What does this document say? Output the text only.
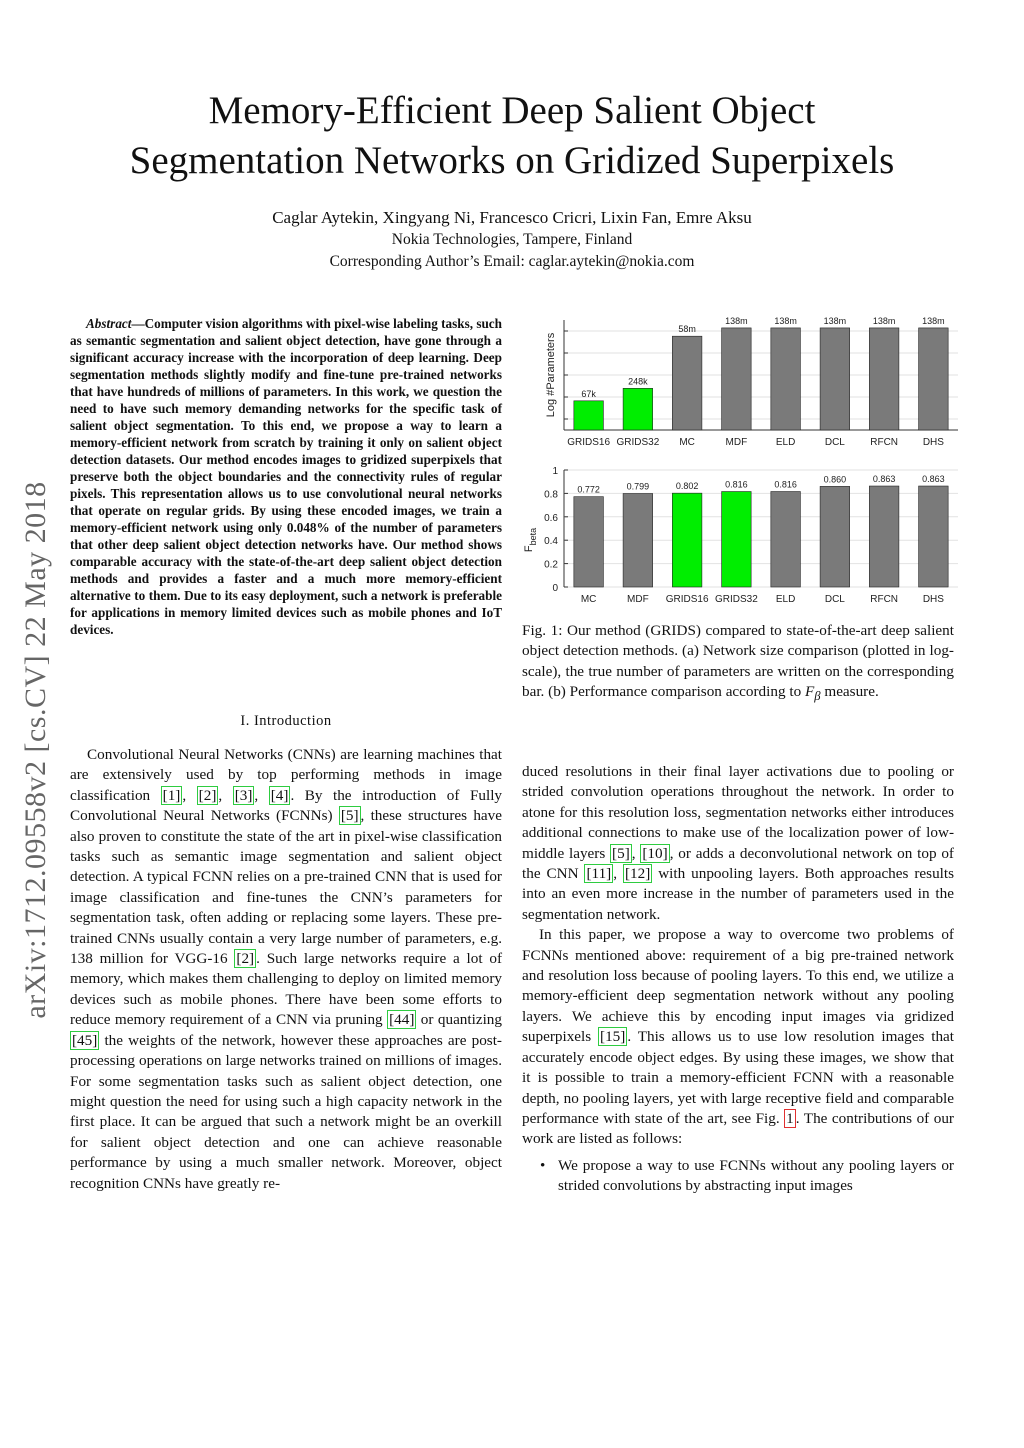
Memory-Efficient Deep Salient Object
Segmentation Networks on Gridized Superpixels
Caglar Aytekin, Xingyang Ni, Francesco Cricri, Lixin Fan, Emre Aksu
Nokia Technologies, Tampere, Finland
Corresponding Author’s Email: caglar.aytekin@nokia.com
arXiv:1712.09558v2 [cs.CV] 22 May 2018
Abstract—Computer vision algorithms with pixel-wise labeling tasks, such as semantic segmentation and salient object detection, have gone through a significant accuracy increase with the incorporation of deep learning. Deep segmentation methods slightly modify and fine-tune pre-trained networks that have hundreds of millions of parameters. In this work, we question the need to have such memory demanding networks for the specific task of salient object segmentation. To this end, we propose a way to learn a memory-efficient network from scratch by training it only on salient object detection datasets. Our method encodes images to gridized superpixels that preserve both the object boundaries and the connectivity rules of regular pixels. This representation allows us to use convolutional neural networks that operate on regular grids. By using these encoded images, we train a memory-efficient network using only 0.048% of the number of parameters that other deep salient object detection networks have. Our method shows comparable accuracy with the state-of-the-art deep salient object detection methods and provides a faster and a much more memory-efficient alternative to them. Due to its easy deployment, such a network is preferable for applications in memory limited devices such as mobile phones and IoT devices.
I. Introduction

Convolutional Neural Networks (CNNs) are learning machines that are extensively used by top performing methods in image classification [1] , [2] , [3] , [4] . By the introduction of Fully Convolutional Neural Networks (FCNNs) [5] , these structures have also proven to constitute the state of the art in pixel-wise classification tasks such as semantic image segmentation and salient object detection. A typical FCNN relies on a pre-trained CNN that is used for image classification and fine-tunes the CNN’s parameters for segmentation task, often adding or replacing some layers. These pre-trained CNNs usually contain a very large number of parameters, e.g. 138 million for VGG-16 [2] . Such large networks require a lot of memory, which makes them challenging to deploy on limited memory devices such as mobile phones. There have been some efforts to reduce memory requirement of a CNN via pruning [44] or quantizing [45] the weights of the network, however these approaches are post-processing operations on large networks trained on millions of images. For some segmentation tasks such as salient object detection, one might question the need for using such a high capacity network in the first place. It can be argued that such a network might be an overkill for salient object detection and one can achieve reasonable performance by using a much smaller network. Moreover, object recognition CNNs have greatly re-

67k
GRIDS16
248k
GRIDS32
58m
MC
138m
MDF
138m
ELD
138m
DCL
138m
RFCN
138m
DHS
Log #Parameters
0
0.2
0.4
0.6
0.8
1
0.772
MC
0.799
MDF
0.802
GRIDS16
0.816
GRIDS32
0.816
ELD
0.860
DCL
0.863
RFCN
0.863
DHS
$F_{beta}$
Fig. 1: Our method (GRIDS) compared to state-of-the-art deep salient object detection methods. (a) Network size comparison (plotted in log-scale), the true number of parameters are written on the corresponding bar. (b) Performance comparison according to $F_\beta$ measure.

duced resolutions in their final layer activations due to pooling or strided convolution operations throughout the network. In order to atone for this resolution loss, segmentation networks either introduces additional connections to make use of the localization power of low-middle layers [5] , [10] , or adds a deconvolutional network on top of the CNN [11] , [12] with unpooling layers. Both approaches results into an even more increase in the number of parameters used in the segmentation network.

In this paper, we propose a way to overcome two problems of FCNNs mentioned above: requirement of a big pre-trained network and resolution loss because of pooling layers. To this end, we utilize a memory-efficient deep segmentation network without any pooling layers. We achieve this by encoding input images via gridized superpixels [15] . This allows us to use low resolution images that accurately encode object edges. By using these images, we show that it is possible to train a memory-efficient FCNN with a reasonable depth, no pooling layers, yet with large receptive field and comparable performance with state of the art, see Fig. 1 . The contributions of our work are listed as follows:

• We propose a way to use FCNNs without any pooling layers or strided convolutions by abstracting input images
